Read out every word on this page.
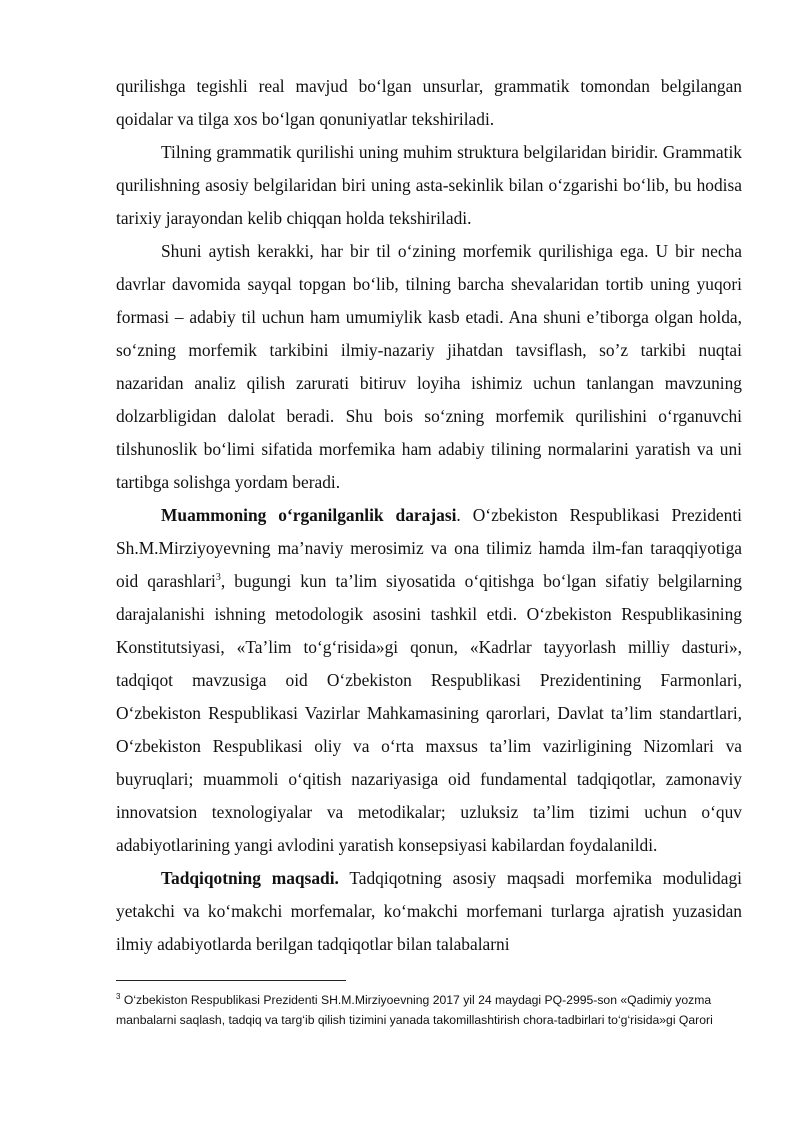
qurilishga tegishli real mavjud bo‘lgan unsurlar, grammatik tomondan belgilangan qoidalar va tilga xos bo‘lgan qonuniyatlar tekshiriladi.

Tilning grammatik qurilishi uning muhim struktura belgilaridan biridir. Grammatik qurilishning asosiy belgilaridan biri uning asta-sekinlik bilan o‘zgarishi bo‘lib, bu hodisa tarixiy jarayondan kelib chiqqan holda tekshiriladi.

Shuni aytish kerakki, har bir til o‘zining morfemik qurilishiga ega. U bir necha davrlar davomida sayqal topgan bo‘lib, tilning barcha shevalaridan tortib uning yuqori formasi – adabiy til uchun ham umumiylik kasb etadi. Ana shuni e’tiborga olgan holda, so‘zning morfemik tarkibini ilmiy-nazariy jihatdan tavsiflash, so’z tarkibi nuqtai nazaridan analiz qilish zarurati bitiruv loyiha ishimiz uchun tanlangan mavzuning dolzarbligidan dalolat beradi. Shu bois so‘zning morfemik qurilishini o‘rganuvchi tilshunoslik bo‘limi sifatida morfemika ham adabiy tilining normalarini yaratish va uni tartibga solishga yordam beradi.

Muammoning o‘rganilganlik darajasi. O‘zbekiston Respublikasi Prezidenti Sh.M.Mirziyoyevning ma’naviy merosimiz va ona tilimiz hamda ilm-fan taraqqiyotiga oid qarashlari$^3$, bugungi kun ta’lim siyosatida o‘qitishga bo‘lgan sifatiy belgilarning darajalanishi ishning metodologik asosini tashkil etdi. O‘zbekiston Respublikasining Konstitutsiyasi, «Ta’lim to‘g‘risida»gi qonun, «Kadrlar tayyorlash milliy dasturi», tadqiqot mavzusiga oid O‘zbekiston Respublikasi Prezidentining Farmonlari, O‘zbekiston Respublikasi Vazirlar Mahkamasining qarorlari, Davlat ta’lim standartlari, O‘zbekiston Respublikasi oliy va o‘rta maxsus ta’lim vazirligining Nizomlari va buyruqlari; muammoli o‘qitish nazariyasiga oid fundamental tadqiqotlar, zamonaviy innovatsion texnologiyalar va metodikalar; uzluksiz ta’lim tizimi uchun o‘quv adabiyotlarining yangi avlodini yaratish konsepsiyasi kabilardan foydalanildi.

Tadqiqotning maqsadi. Tadqiqotning asosiy maqsadi morfemika modulidagi yetakchi va ko‘makchi morfemalar, ko‘makchi morfemani turlarga ajratish yuzasidan ilmiy adabiyotlarda berilgan tadqiqotlar bilan talabalarni

$^3$ O‘zbekiston Respublikasi Prezidenti SH.M.Mirziyoevning 2017 yil 24 maydagi PQ-2995-son «Qadimiy yozma manbalarni saqlash, tadqiq va targ‘ib qilish tizimini yanada takomillashtirish chora-tadbirlari to‘g‘risida»gi Qarori
